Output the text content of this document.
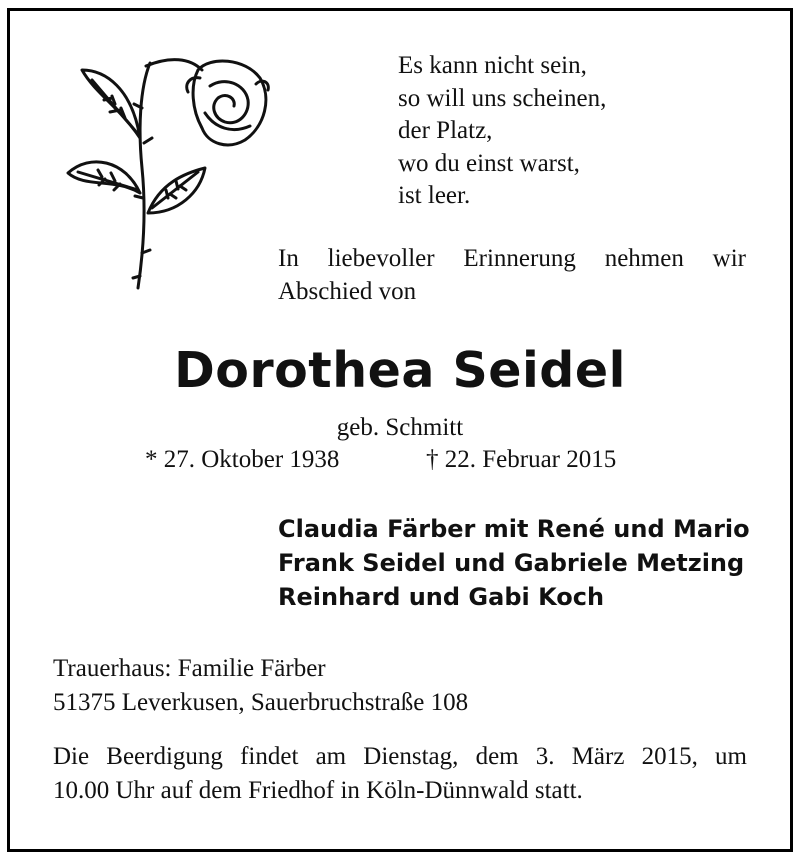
Es kann nicht sein,
so will uns scheinen,
der Platz,
wo du einst warst,
ist leer.
In liebevoller Erinnerung nehmen wir
Abschied von
Dorothea Seidel
geb. Schmitt
* 27. Oktober 1938	† 22. Februar 2015
Claudia Färber mit René und Mario
Frank Seidel und Gabriele Metzing
Reinhard und Gabi Koch
Trauerhaus: Familie Färber
51375 Leverkusen, Sauerbruchstraße 108
Die Beerdigung findet am Dienstag, dem 3. März 2015, um
10.00 Uhr auf dem Friedhof in Köln-Dünnwald statt.
